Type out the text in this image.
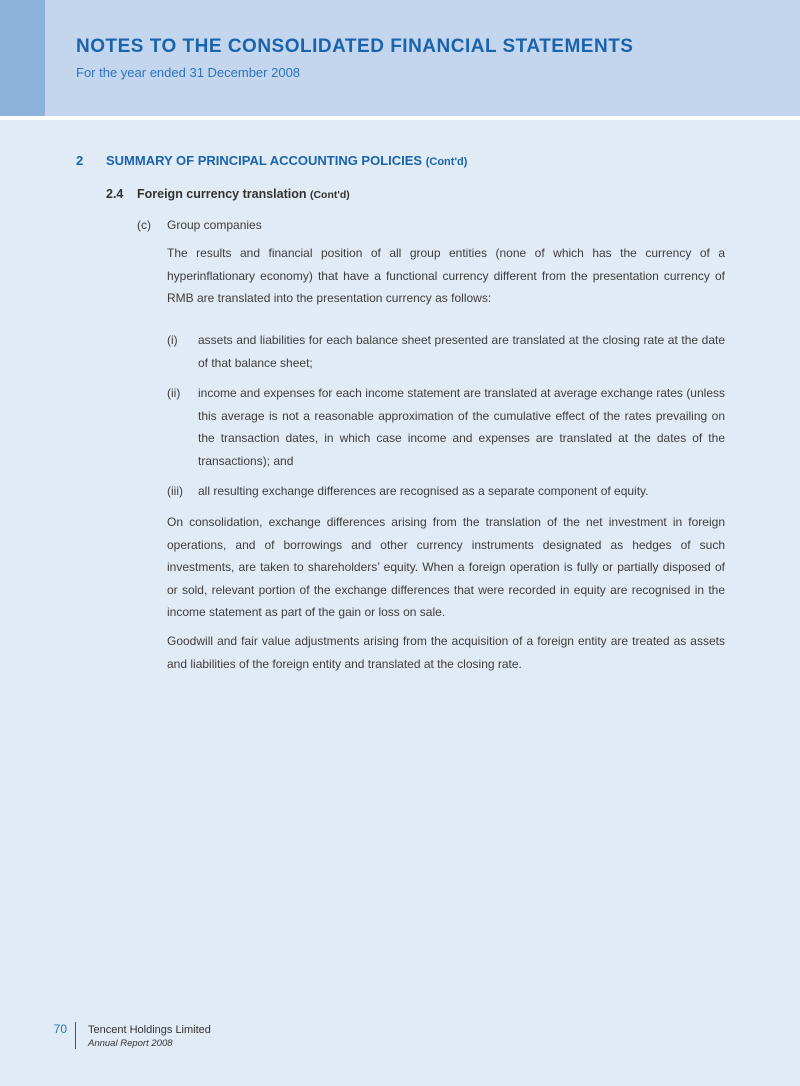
NOTES TO THE CONSOLIDATED FINANCIAL STATEMENTS
For the year ended 31 December 2008
2 SUMMARY OF PRINCIPAL ACCOUNTING POLICIES (Cont'd)
2.4 Foreign currency translation (Cont'd)
(c) Group companies

The results and financial position of all group entities (none of which has the currency of a hyperinflationary economy) that have a functional currency different from the presentation currency of RMB are translated into the presentation currency as follows:

(i)	assets and liabilities for each balance sheet presented are translated at the closing rate at the date of that balance sheet;
(ii)	income and expenses for each income statement are translated at average exchange rates (unless this average is not a reasonable approximation of the cumulative effect of the rates prevailing on the transaction dates, in which case income and expenses are translated at the dates of the transactions); and
(iii)	all resulting exchange differences are recognised as a separate component of equity.

On consolidation, exchange differences arising from the translation of the net investment in foreign operations, and of borrowings and other currency instruments designated as hedges of such investments, are taken to shareholders’ equity. When a foreign operation is fully or partially disposed of or sold, relevant portion of the exchange differences that were recorded in equity are recognised in the income statement as part of the gain or loss on sale.

Goodwill and fair value adjustments arising from the acquisition of a foreign entity are treated as assets and liabilities of the foreign entity and translated at the closing rate.

70 Tencent Holdings Limited
Annual Report 2008
